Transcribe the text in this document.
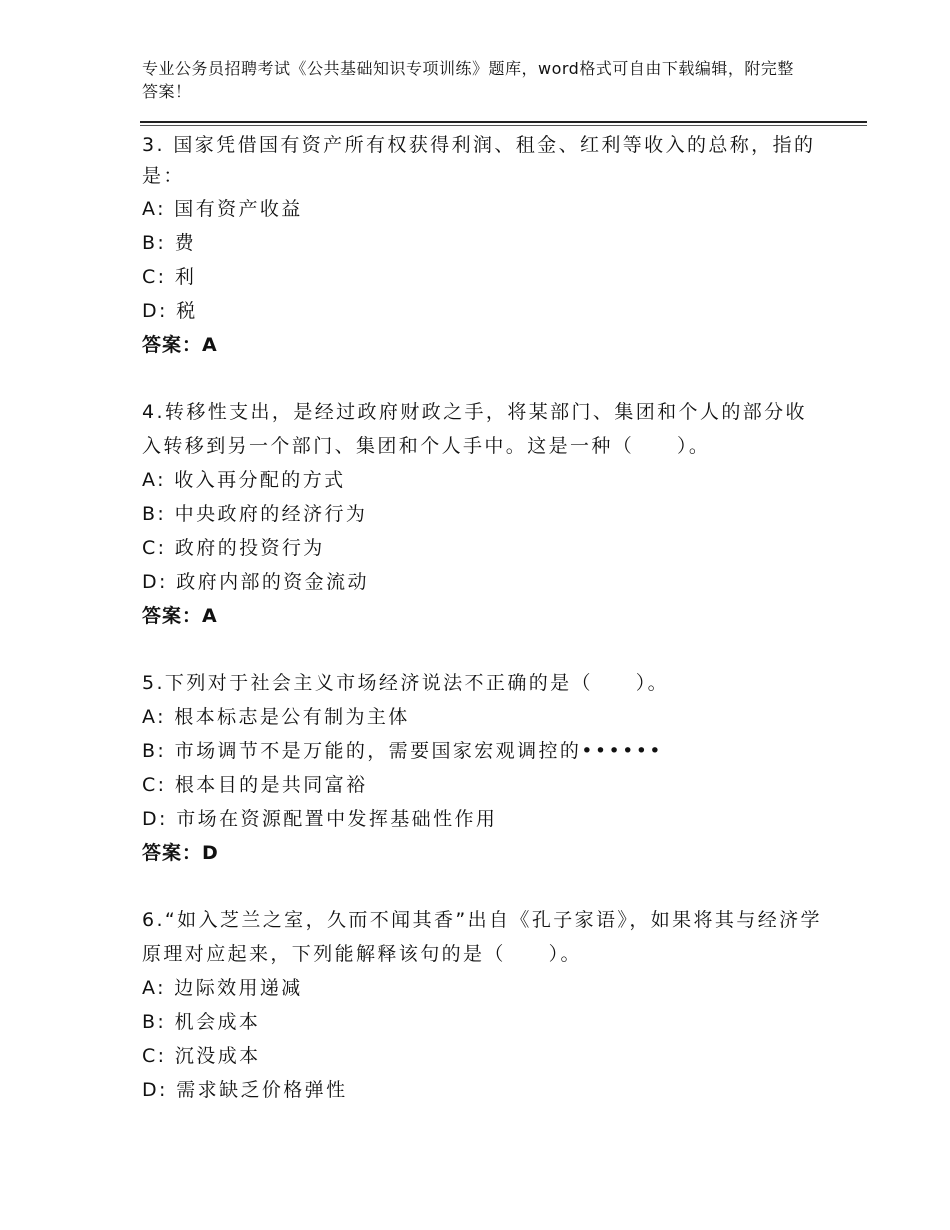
专业公务员招聘考试《公共基础知识专项训练》题库，word格式可自由下载编辑，附完整答案！

3. 国家凭借国有资产所有权获得利润、租金、红利等收入的总称，指的是：

A: 国有资产收益

B: 费

C: 利

D: 税

答案：A

4.转移性支出，是经过政府财政之手，将某部门、集团和个人的部分收入转移到另一个部门、集团和个人手中。这是一种（　　）。

A: 收入再分配的方式

B: 中央政府的经济行为

C: 政府的投资行为

D: 政府内部的资金流动

答案：A

5.下列对于社会主义市场经济说法不正确的是（　　）。

A: 根本标志是公有制为主体

B: 市场调节不是万能的，需要国家宏观调控的••••••

C: 根本目的是共同富裕

D: 市场在资源配置中发挥基础性作用

答案：D

6.“如入芝兰之室，久而不闻其香”出自《孔子家语》，如果将其与经济学原理对应起来，下列能解释该句的是（　　）。

A: 边际效用递减

B: 机会成本

C: 沉没成本

D: 需求缺乏价格弹性
